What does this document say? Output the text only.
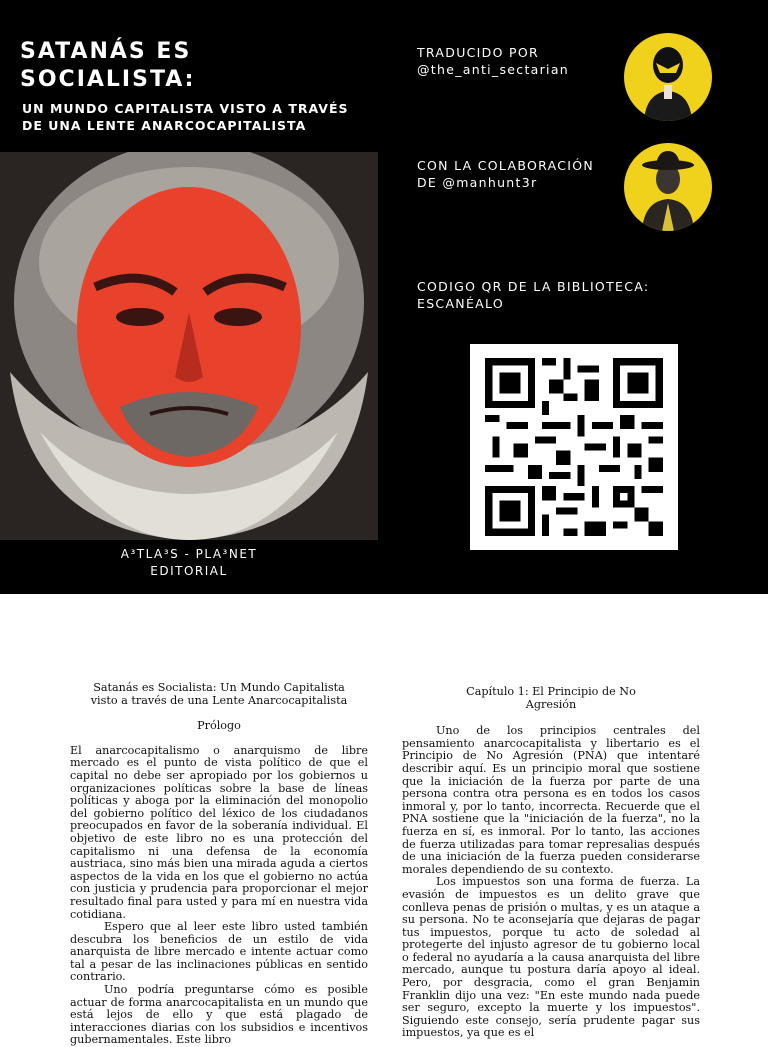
SATANÁS ES
SOCIALISTA:
UN MUNDO CAPITALISTA VISTO A TRAVÉS
DE UNA LENTE ANARCOCAPITALISTA
A³TLA³S - PLA³NET
EDITORIAL
TRADUCIDO POR
@the_anti_sectarian
CON LA COLABORACIÓN
DE @manhunt3r
CODIGO QR DE LA BIBLIOTECA:
ESCANÉALO
Satanás es Socialista: Un Mundo Capitalista
visto a través de una Lente Anarcocapitalista
Prólogo

El anarcocapitalismo o anarquismo de libre mercado es el punto de vista político de que el capital no debe ser apropiado por los gobiernos u organizaciones políticas sobre la base de líneas políticas y aboga por la eliminación del monopolio del gobierno político del léxico de los ciudadanos preocupados en favor de la soberanía individual. El objetivo de este libro no es una protección del capitalismo ni una defensa de la economía austriaca, sino más bien una mirada aguda a ciertos aspectos de la vida en los que el gobierno no actúa con justicia y prudencia para proporcionar el mejor resultado final para usted y para mí en nuestra vida cotidiana.

Espero que al leer este libro usted también descubra los beneficios de un estilo de vida anarquista de libre mercado e intente actuar como tal a pesar de las inclinaciones públicas en sentido contrario.

Uno podría preguntarse cómo es posible actuar de forma anarcocapitalista en un mundo que está lejos de ello y que está plagado de interacciones diarias con los subsidios e incentivos gubernamentales. Este libro

Capítulo 1: El Principio de No
Agresión

Uno de los principios centrales del pensamiento anarcocapitalista y libertario es el Principio de No Agresión (PNA) que intentaré describir aquí. Es un principio moral que sostiene que la iniciación de la fuerza por parte de una persona contra otra persona es en todos los casos inmoral y, por lo tanto, incorrecta. Recuerde que el PNA sostiene que la "iniciación de la fuerza", no la fuerza en sí, es inmoral. Por lo tanto, las acciones de fuerza utilizadas para tomar represalias después de una iniciación de la fuerza pueden considerarse morales dependiendo de su contexto.

Los impuestos son una forma de fuerza. La evasión de impuestos es un delito grave que conlleva penas de prisión o multas, y es un ataque a su persona. No te aconsejaría que dejaras de pagar tus impuestos, porque tu acto de soledad al protegerte del injusto agresor de tu gobierno local o federal no ayudaría a la causa anarquista del libre mercado, aunque tu postura daría apoyo al ideal. Pero, por desgracia, como el gran Benjamin Franklin dijo una vez: "En este mundo nada puede ser seguro, excepto la muerte y los impuestos". Siguiendo este consejo, sería prudente pagar sus impuestos, ya que es el
